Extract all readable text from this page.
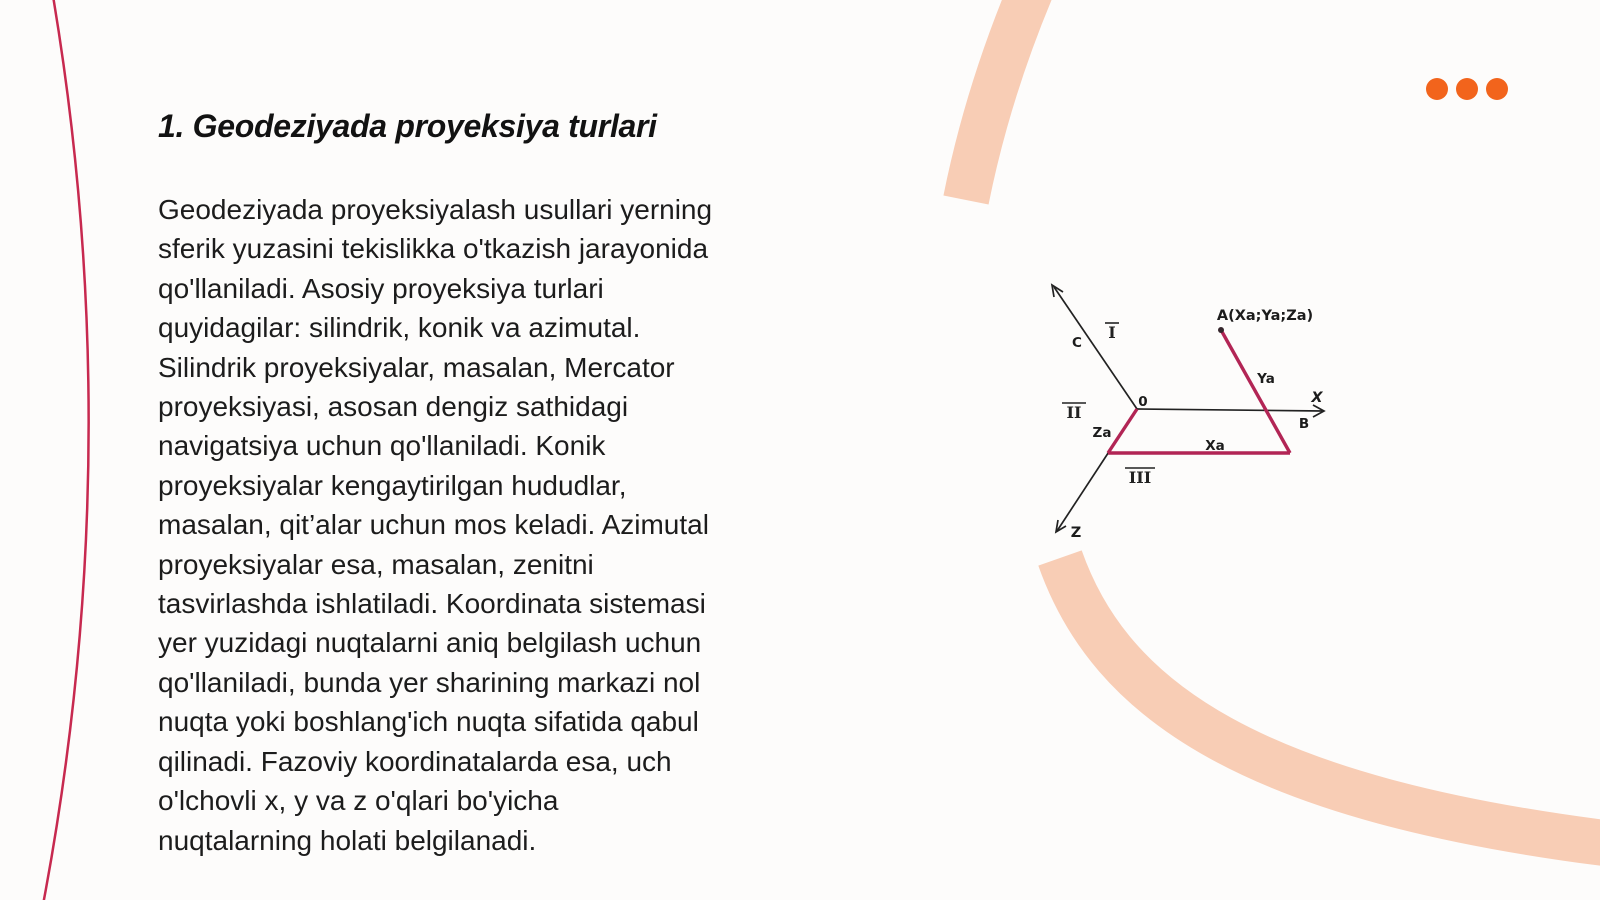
1. Geodeziyada proyeksiya turlari

Geodeziyada proyeksiyalash usullari yerning
sferik yuzasini tekislikka o'tkazish jarayonida
qo'llaniladi. Asosiy proyeksiya turlari
quyidagilar: silindrik, konik va azimutal.
Silindrik proyeksiyalar, masalan, Mercator
proyeksiyasi, asosan dengiz sathidagi
navigatsiya uchun qo'llaniladi. Konik
proyeksiyalar kengaytirilgan hududlar,
masalan, qit’alar uchun mos keladi. Azimutal
proyeksiyalar esa, masalan, zenitni
tasvirlashda ishlatiladi. Koordinata sistemasi
yer yuzidagi nuqtalarni aniq belgilash uchun
qo'llaniladi, bunda yer sharining markazi nol
nuqta yoki boshlang'ich nuqta sifatida qabul
qilinadi. Fazoviy koordinatalarda esa, uch
o'lchovli x, y va z o'qlari bo'yicha
nuqtalarning holati belgilanadi.

A(Xa;Ya;Za)
Ya
X
B
0
Za
Xa
C
Z
I
II
III
